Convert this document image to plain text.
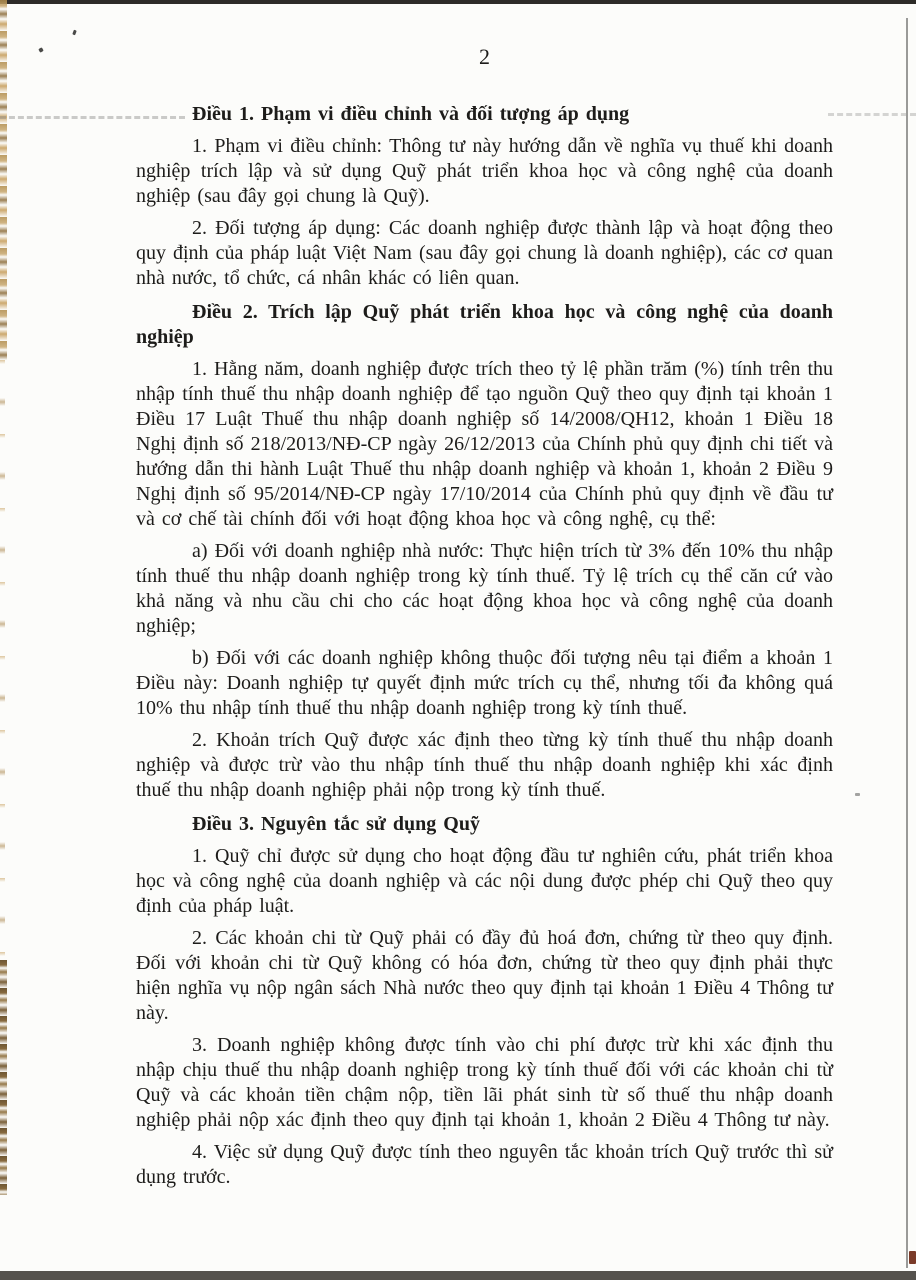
2

Điều 1. Phạm vi điều chỉnh và đối tượng áp dụng

1. Phạm vi điều chỉnh: Thông tư này hướng dẫn về nghĩa vụ thuế khi doanh nghiệp trích lập và sử dụng Quỹ phát triển khoa học và công nghệ của doanh nghiệp (sau đây gọi chung là Quỹ).

2. Đối tượng áp dụng: Các doanh nghiệp được thành lập và hoạt động theo quy định của pháp luật Việt Nam (sau đây gọi chung là doanh nghiệp), các cơ quan nhà nước, tổ chức, cá nhân khác có liên quan.

Điều 2. Trích lập Quỹ phát triển khoa học và công nghệ của doanh nghiệp

1. Hằng năm, doanh nghiệp được trích theo tỷ lệ phần trăm (%) tính trên thu nhập tính thuế thu nhập doanh nghiệp để tạo nguồn Quỹ theo quy định tại khoản 1 Điều 17 Luật Thuế thu nhập doanh nghiệp số 14/2008/QH12, khoản 1 Điều 18 Nghị định số 218/2013/NĐ-CP ngày 26/12/2013 của Chính phủ quy định chi tiết và hướng dẫn thi hành Luật Thuế thu nhập doanh nghiệp và khoản 1, khoản 2 Điều 9 Nghị định số 95/2014/NĐ-CP ngày 17/10/2014 của Chính phủ quy định về đầu tư và cơ chế tài chính đối với hoạt động khoa học và công nghệ, cụ thể:

a) Đối với doanh nghiệp nhà nước: Thực hiện trích từ 3% đến 10% thu nhập tính thuế thu nhập doanh nghiệp trong kỳ tính thuế. Tỷ lệ trích cụ thể căn cứ vào khả năng và nhu cầu chi cho các hoạt động khoa học và công nghệ của doanh nghiệp;

b) Đối với các doanh nghiệp không thuộc đối tượng nêu tại điểm a khoản 1 Điều này: Doanh nghiệp tự quyết định mức trích cụ thể, nhưng tối đa không quá 10% thu nhập tính thuế thu nhập doanh nghiệp trong kỳ tính thuế.

2. Khoản trích Quỹ được xác định theo từng kỳ tính thuế thu nhập doanh nghiệp và được trừ vào thu nhập tính thuế thu nhập doanh nghiệp khi xác định thuế thu nhập doanh nghiệp phải nộp trong kỳ tính thuế.

Điều 3. Nguyên tắc sử dụng Quỹ

1. Quỹ chỉ được sử dụng cho hoạt động đầu tư nghiên cứu, phát triển khoa học và công nghệ của doanh nghiệp và các nội dung được phép chi Quỹ theo quy định của pháp luật.

2. Các khoản chi từ Quỹ phải có đầy đủ hoá đơn, chứng từ theo quy định. Đối với khoản chi từ Quỹ không có hóa đơn, chứng từ theo quy định phải thực hiện nghĩa vụ nộp ngân sách Nhà nước theo quy định tại khoản 1 Điều 4 Thông tư này.

3. Doanh nghiệp không được tính vào chi phí được trừ khi xác định thu nhập chịu thuế thu nhập doanh nghiệp trong kỳ tính thuế đối với các khoản chi từ Quỹ và các khoản tiền chậm nộp, tiền lãi phát sinh từ số thuế thu nhập doanh nghiệp phải nộp xác định theo quy định tại khoản 1, khoản 2 Điều 4 Thông tư này.

4. Việc sử dụng Quỹ được tính theo nguyên tắc khoản trích Quỹ trước thì sử dụng trước.
